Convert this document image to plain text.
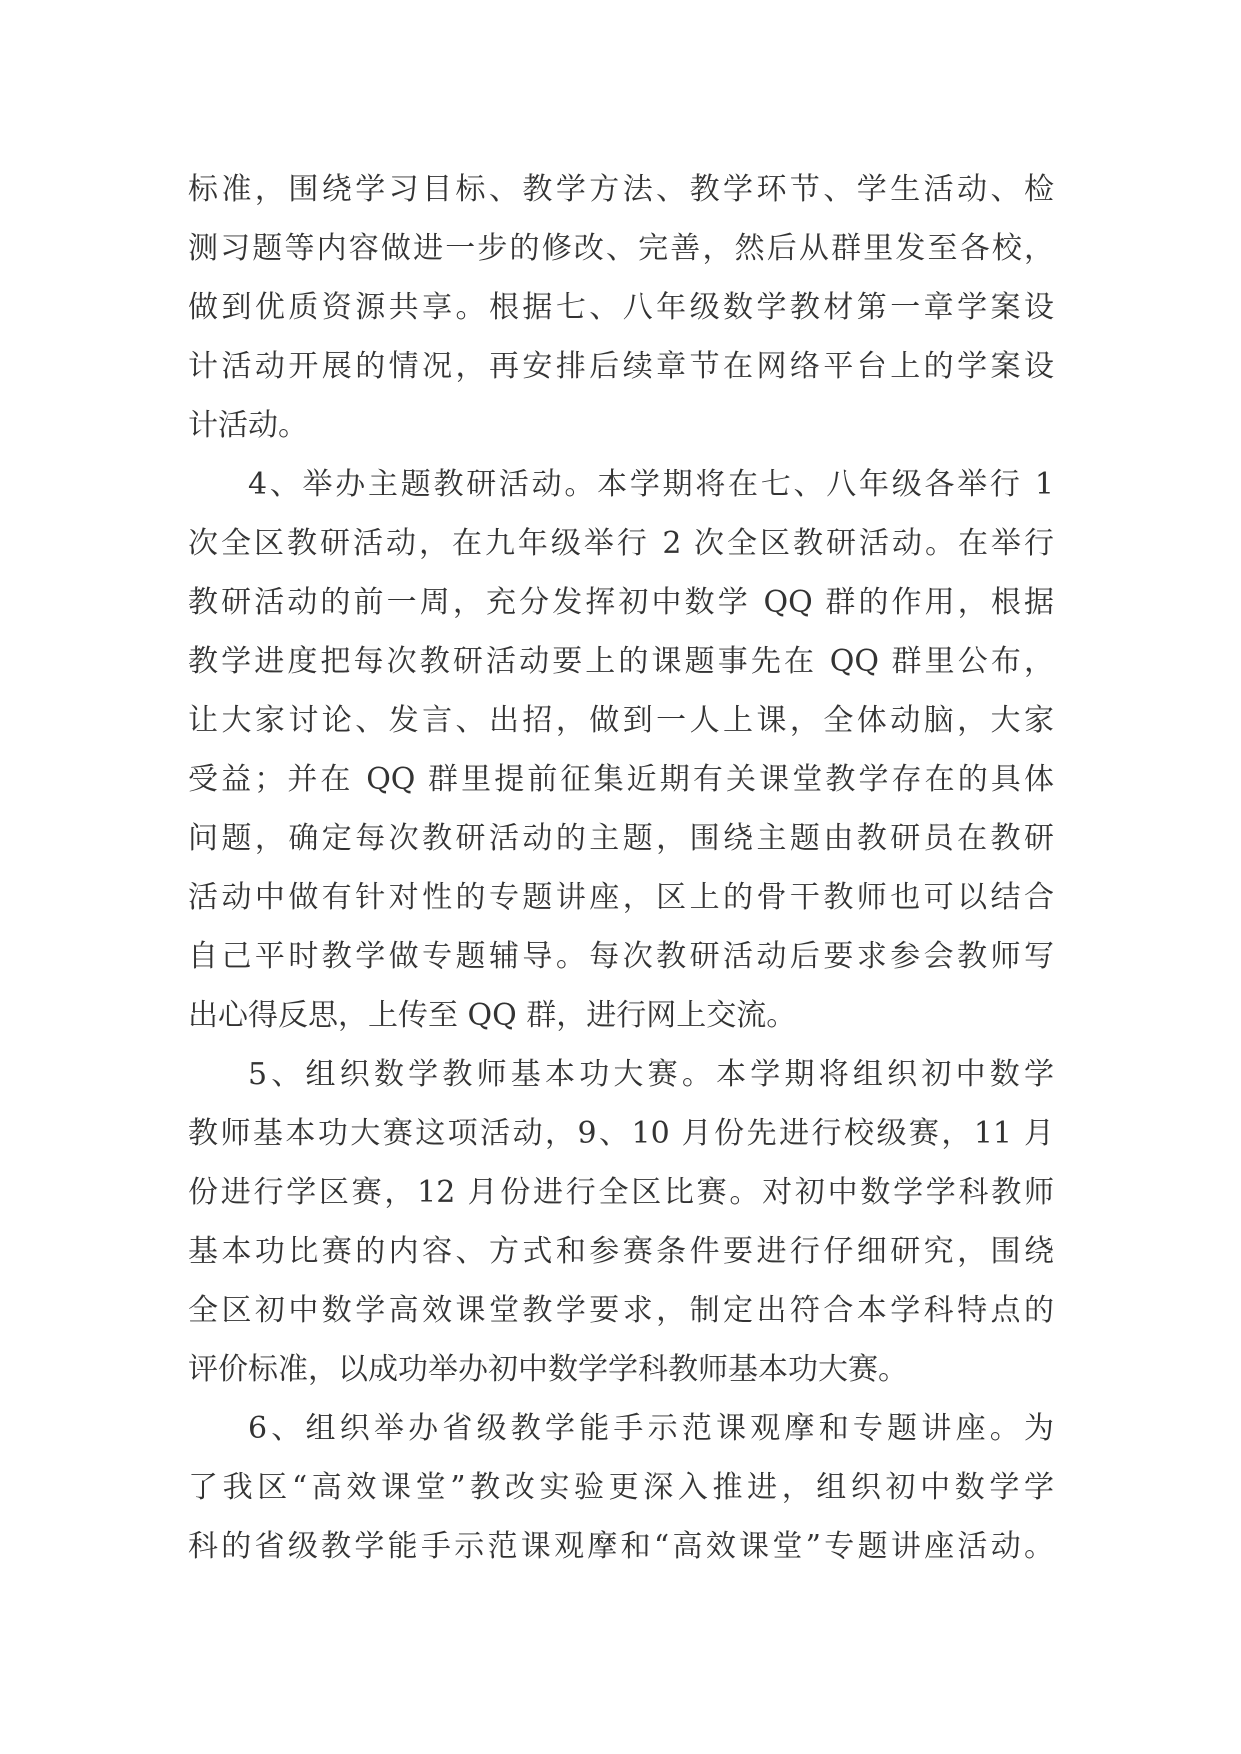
标准，围绕学习目标、教学方法、教学环节、学生活动、检
测习题等内容做进一步的修改、完善，然后从群里发至各校，
做到优质资源共享。根据七、八年级数学教材第一章学案设
计活动开展的情况，再安排后续章节在网络平台上的学案设
计活动。
4、举办主题教研活动。本学期将在七、八年级各举行 1
次全区教研活动，在九年级举行 2 次全区教研活动。在举行
教研活动的前一周，充分发挥初中数学 QQ 群的作用，根据
教学进度把每次教研活动要上的课题事先在 QQ 群里公布，
让大家讨论、发言、出招，做到一人上课，全体动脑，大家
受益；并在 QQ 群里提前征集近期有关课堂教学存在的具体
问题，确定每次教研活动的主题，围绕主题由教研员在教研
活动中做有针对性的专题讲座，区上的骨干教师也可以结合
自己平时教学做专题辅导。每次教研活动后要求参会教师写
出心得反思，上传至 QQ 群，进行网上交流。
5、组织数学教师基本功大赛。本学期将组织初中数学
教师基本功大赛这项活动，9、10 月份先进行校级赛，11 月
份进行学区赛，12 月份进行全区比赛。对初中数学学科教师
基本功比赛的内容、方式和参赛条件要进行仔细研究，围绕
全区初中数学高效课堂教学要求，制定出符合本学科特点的
评价标准，以成功举办初中数学学科教师基本功大赛。
6、组织举办省级教学能手示范课观摩和专题讲座。为
了我区“高效课堂”教改实验更深入推进，组织初中数学学
科的省级教学能手示范课观摩和“高效课堂”专题讲座活动。
